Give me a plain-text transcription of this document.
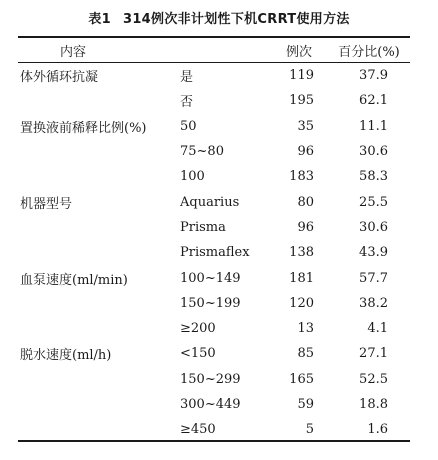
表1 314例次非计划性下机CRRT使用方法
内容		例次	百分比(%)
体外循环抗凝	是	119	37.9
	否	195	62.1
置换液前稀释比例(%)	50	35	11.1
	75~80	96	30.6
	100	183	58.3
机器型号	Aquarius	80	25.5
	Prisma	96	30.6
	Prismaflex	138	43.9
血泵速度(ml/min)	100~149	181	57.7
	150~199	120	38.2
	≥200	13	4.1
脱水速度(ml/h)	<150	85	27.1
	150~299	165	52.5
	300~449	59	18.8
	≥450	5	1.6
